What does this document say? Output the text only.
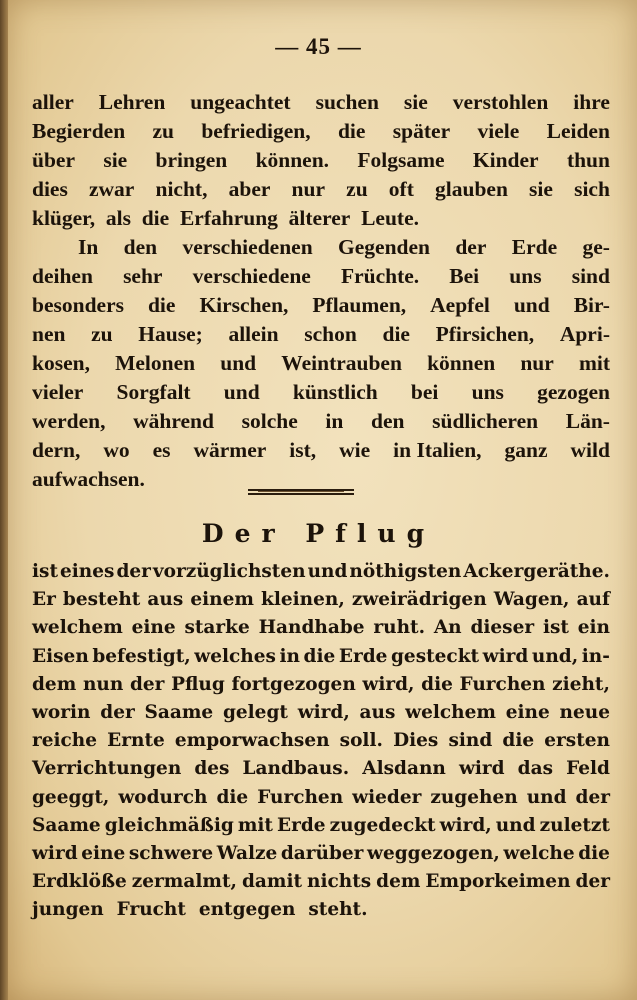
— 45 —
aller Lehren ungeachtet suchen sie verstohlen ihre
Begierden zu befriedigen, die später viele Leiden
über sie bringen können. Folgsame Kinder thun
dies zwar nicht, aber nur zu oft glauben sie sich
klüger,
als
die
Erfahrung
älterer
Leute.
In den verschiedenen Gegenden der Erde ge-
deihen sehr verschiedene Früchte. Bei uns sind
besonders die Kirschen, Pflaumen, Aepfel und Bir-
nen zu Hause; allein schon die Pfirsichen, Apri-
kosen, Melonen und Weintrauben können nur mit
vieler Sorgfalt und künstlich bei uns gezogen
werden, während solche in den südlicheren Län-
dern, wo es wärmer ist, wie in Italien, ganz wild
aufwachsen.
Der Pflug
ist eines der vorzüglichsten und nöthigsten Ackergeräthe.
Er besteht aus einem kleinen, zweirädrigen Wagen, auf
welchem eine starke Handhabe ruht. An dieser ist ein
Eisen befestigt, welches in die Erde gesteckt wird und, in-
dem nun der Pflug fortgezogen wird, die Furchen zieht,
worin der Saame gelegt wird, aus welchem eine neue
reiche Ernte emporwachsen soll. Dies sind die ersten
Verrichtungen des Landbaus. Alsdann wird das Feld
geeggt, wodurch die Furchen wieder zugehen und der
Saame gleichmäßig mit Erde zugedeckt wird, und zuletzt
wird eine schwere Walze darüber weggezogen, welche die
Erdklöße zermalmt, damit nichts dem Emporkeimen der
jungen
Frucht
entgegen
steht.
